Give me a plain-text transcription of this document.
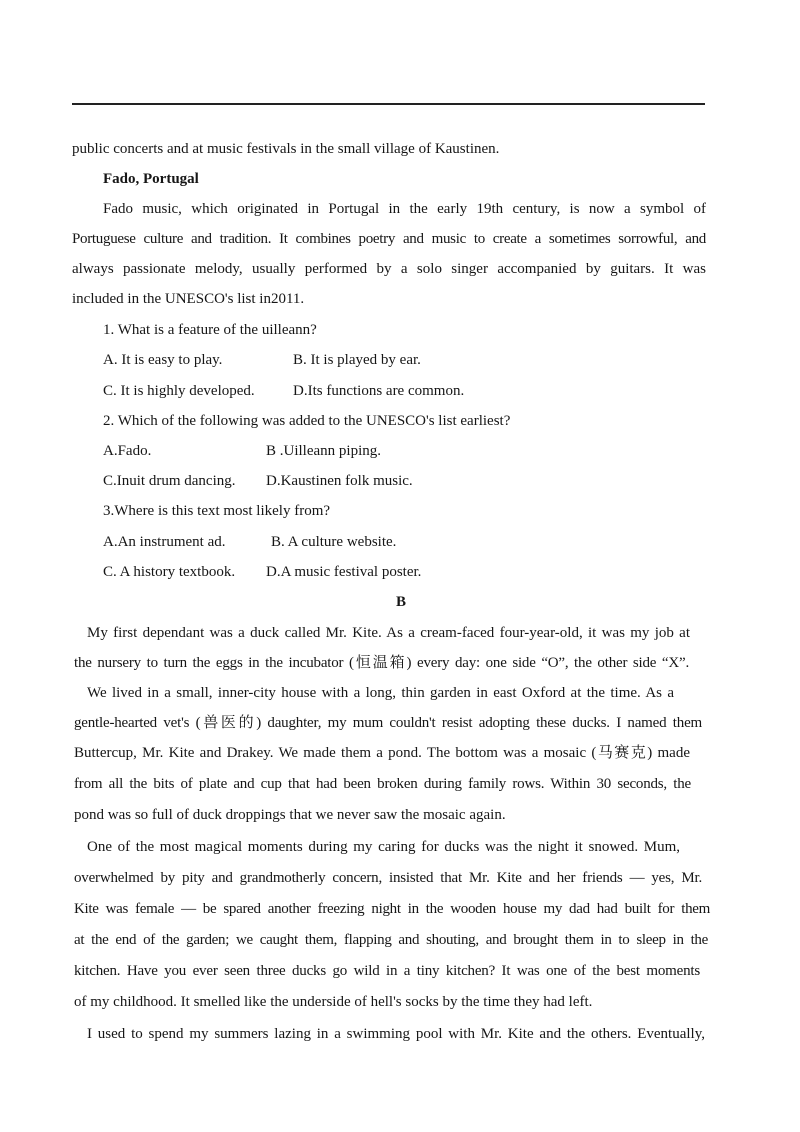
public concerts and at music festivals in the small village of Kaustinen.
Fado, Portugal
Fado music, which originated in Portugal in the early 19th century, is now a symbol of
Portuguese culture and tradition. It combines poetry and music to create a sometimes sorrowful, and
always passionate melody, usually performed by a solo singer accompanied by guitars. It was
included in the UNESCO's list in2011.
1. What is a feature of the uilleann?
A. It is easy to play.	B. It is played by ear.
C. It is highly developed.	D.Its functions are common.
2. Which of the following was added to the UNESCO's list earliest?
A.Fado.	B .Uilleann piping.
C.Inuit drum dancing. D.Kaustinen folk music.
3.Where is this text most likely from?
A.An instrument ad.	B. A culture website.
C. A history textbook. D.A music festival poster.
B
My first dependant was a duck called Mr. Kite. As a cream-faced four-year-old, it was my job at
the nursery to turn the eggs in the incubator (恒温箱) every day: one side “O”, the other side “X”.
We lived in a small, inner-city house with a long, thin garden in east Oxford at the time. As a
gentle-hearted vet's (兽医的) daughter, my mum couldn't resist adopting these ducks. I named them
Buttercup, Mr. Kite and Drakey. We made them a pond. The bottom was a mosaic (马赛克) made
from all the bits of plate and cup that had been broken during family rows. Within 30 seconds, the
pond was so full of duck droppings that we never saw the mosaic again.
One of the most magical moments during my caring for ducks was the night it snowed. Mum,
overwhelmed by pity and grandmotherly concern, insisted that Mr. Kite and her friends — yes, Mr.
Kite was female — be spared another freezing night in the wooden house my dad had built for them
at the end of the garden; we caught them, flapping and shouting, and brought them in to sleep in the
kitchen. Have you ever seen three ducks go wild in a tiny kitchen? It was one of the best moments
of my childhood. It smelled like the underside of hell's socks by the time they had left.
I used to spend my summers lazing in a swimming pool with Mr. Kite and the others. Eventually,
